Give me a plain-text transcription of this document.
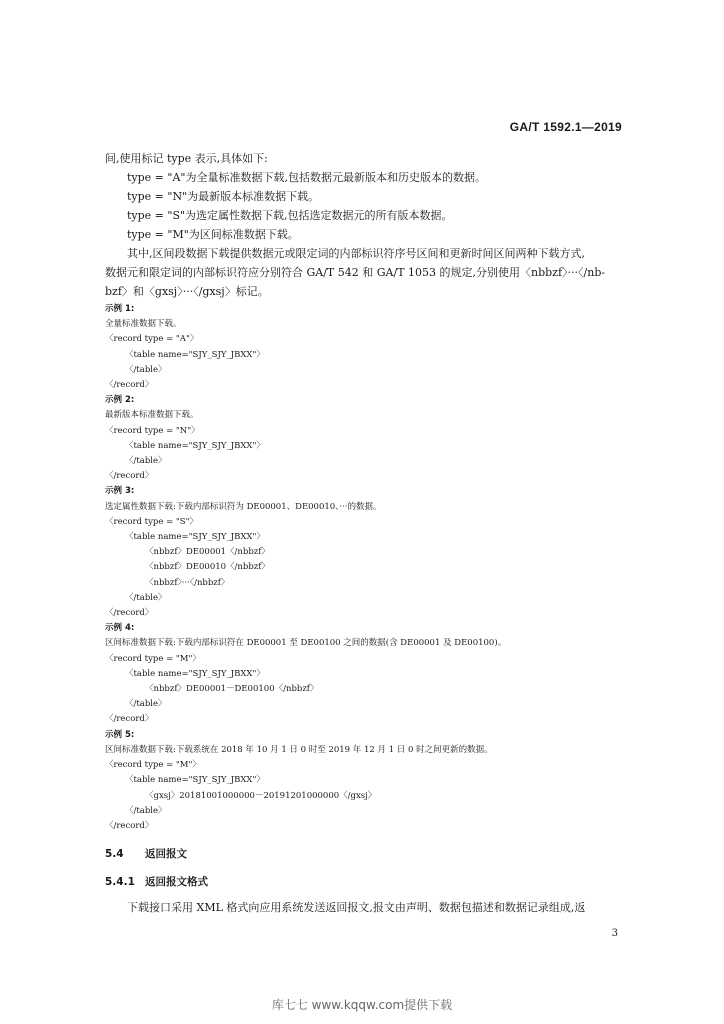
GA/T 1592.1—2019

间,使用标记 type 表示,具体如下:

type = "A"为全量标准数据下载,包括数据元最新版本和历史版本的数据。

type = "N"为最新版本标准数据下载。

type = "S"为选定属性数据下载,包括选定数据元的所有版本数据。

type = "M"为区间标准数据下载。

其中,区间段数据下载提供数据元或限定词的内部标识符序号区间和更新时间区间两种下载方式,

数据元和限定词的内部标识符应分别符合 GA/T 542 和 GA/T 1053 的规定,分别使用〈nbbzf〉···〈/nb-

bzf〉和〈gxsj〉···〈/gxsj〉标记。

示例 1:

全量标准数据下载。

〈record type = "A"〉

〈table name="SJY_SJY_JBXX"〉

〈/table〉

〈/record〉

示例 2:

最新版本标准数据下载。

〈record type = "N"〉

〈table name="SJY_SJY_JBXX"〉

〈/table〉

〈/record〉

示例 3:

选定属性数据下载:下载内部标识符为 DE00001、DE00010、···的数据。

〈record type = "S"〉

〈table name="SJY_SJY_JBXX"〉

〈nbbzf〉DE00001〈/nbbzf〉

〈nbbzf〉DE00010〈/nbbzf〉

〈nbbzf〉···〈/nbbzf〉

〈/table〉

〈/record〉

示例 4:

区间标准数据下载:下载内部标识符在 DE00001 至 DE00100 之间的数据(含 DE00001 及 DE00100)。

〈record type = "M"〉

〈table name="SJY_SJY_JBXX"〉

〈nbbzf〉DE00001－DE00100〈/nbbzf〉

〈/table〉

〈/record〉

示例 5:

区间标准数据下载:下载系统在 2018 年 10 月 1 日 0 时至 2019 年 12 月 1 日 0 时之间更新的数据。

〈record type = "M"〉

〈table name="SJY_SJY_JBXX"〉

〈gxsj〉20181001000000－20191201000000〈/gxsj〉

〈/table〉

〈/record〉

5.4 返回报文

5.4.1 返回报文格式

下载接口采用 XML 格式向应用系统发送返回报文,报文由声明、数据包描述和数据记录组成,返

3
库七七 www.kqqw.com提供下载
